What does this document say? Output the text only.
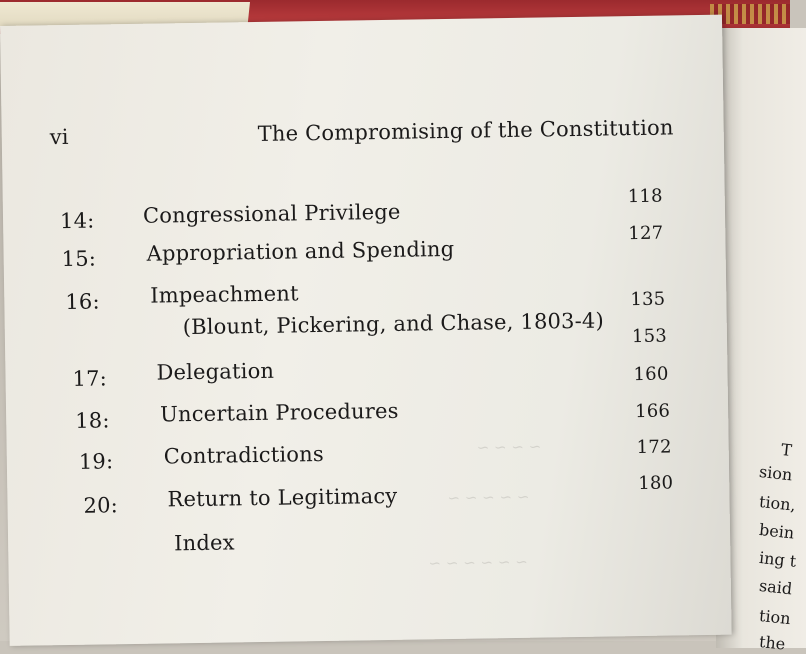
T
sion
tion,
bein
ing t
said
tion
the
~ ~ ~ ~
~ ~ ~ ~ ~
~ ~ ~ ~ ~ ~
vi	The Compromising of the Constitution
14:
15:
16:
17:
18:
19:
20:
Congressional Privilege
Appropriation and Spending
Impeachment
(Blount, Pickering, and Chase, 1803-4)
Delegation
Uncertain Procedures
Contradictions
Return to Legitimacy
Index
118
127
135
153
160
166
172
180
